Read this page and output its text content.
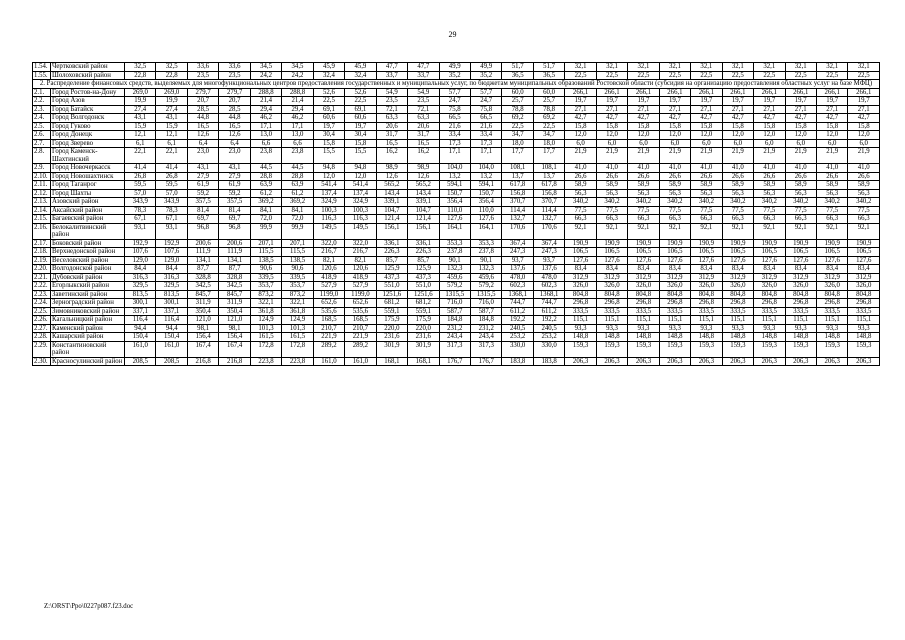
29
1.54.	Чертковский район	32,5	32,5	33,6	33,6	34,5	34,5	45,9	45,9	47,7	47,7	49,9	49,9	51,7	51,7	32,1	32,1	32,1	32,1	32,1	32,1	32,1	32,1	32,1	32,1
1.55.	Шолоховский район	22,8	22,8	23,5	23,5	24,2	24,2	32,4	32,4	33,7	33,7	35,2	35,2	36,5	36,5	22,5	22,5	22,5	22,5	22,5	22,5	22,5	22,5	22,5	22,5
2. Распределение финансовых средств, выделяемых для многофункциональных центров предоставления государственных и муниципальных услуг, по бюджетам муниципальных образований Ростовской области (субсидия на организацию предоставления областных услуг на базе МФЦ)																									
2.1.	Город Ростов-на-Дону	269,0	269,0	279,7	279,7	288,8	288,8	52,6	52,6	54,9	54,9	57,7	57,7	60,0	60,0	266,1	266,1	266,1	266,1	266,1	266,1	266,1	266,1	266,1	266,1
2.2.	Город Азов	19,9	19,9	20,7	20,7	21,4	21,4	22,5	22,5	23,5	23,5	24,7	24,7	25,7	25,7	19,7	19,7	19,7	19,7	19,7	19,7	19,7	19,7	19,7	19,7
2.3.	Город Батайск	27,4	27,4	28,5	28,5	29,4	29,4	69,1	69,1	72,1	72,1	75,8	75,8	78,8	78,8	27,1	27,1	27,1	27,1	27,1	27,1	27,1	27,1	27,1	27,1
2.4.	Город Волгодонск	43,1	43,1	44,8	44,8	46,2	46,2	60,6	60,6	63,3	63,3	66,5	66,5	69,2	69,2	42,7	42,7	42,7	42,7	42,7	42,7	42,7	42,7	42,7	42,7
2.5.	Город Гуково	15,9	15,9	16,5	16,5	17,1	17,1	19,7	19,7	20,6	20,6	21,6	21,6	22,5	22,5	15,8	15,8	15,8	15,8	15,8	15,8	15,8	15,8	15,8	15,8
2.6.	Город Донецк	12,1	12,1	12,6	12,6	13,0	13,0	30,4	30,4	31,7	31,7	33,4	33,4	34,7	34,7	12,0	12,0	12,0	12,0	12,0	12,0	12,0	12,0	12,0	12,0
2.7.	Город Зверево	6,1	6,1	6,4	6,4	6,6	6,6	15,8	15,8	16,5	16,5	17,3	17,3	18,0	18,0	6,0	6,0	6,0	6,0	6,0	6,0	6,0	6,0	6,0	6,0
2.8.	Город Каменск-Шахтинский	22,1	22,1	23,0	23,0	23,8	23,8	15,5	15,5	16,2	16,2	17,1	17,1	17,7	17,7	21,9	21,9	21,9	21,9	21,9	21,9	21,9	21,9	21,9	21,9
2.9.	Город Новочеркасск	41,4	41,4	43,1	43,1	44,5	44,5	94,8	94,8	98,9	98,9	104,0	104,0	108,1	108,1	41,0	41,0	41,0	41,0	41,0	41,0	41,0	41,0	41,0	41,0
2.10.	Город Новошахтинск	26,8	26,8	27,9	27,9	28,8	28,8	12,0	12,0	12,6	12,6	13,2	13,2	13,7	13,7	26,6	26,6	26,6	26,6	26,6	26,6	26,6	26,6	26,6	26,6
2.11.	Город Таганрог	59,5	59,5	61,9	61,9	63,9	63,9	541,4	541,4	565,2	565,2	594,1	594,1	617,8	617,8	58,9	58,9	58,9	58,9	58,9	58,9	58,9	58,9	58,9	58,9
2.12.	Город Шахты	57,0	57,0	59,2	59,2	61,2	61,2	137,4	137,4	143,4	143,4	150,7	150,7	156,8	156,8	56,3	56,3	56,3	56,3	56,3	56,3	56,3	56,3	56,3	56,3
2.13.	Азовский район	343,9	343,9	357,5	357,5	369,2	369,2	324,9	324,9	339,1	339,1	356,4	356,4	370,7	370,7	340,2	340,2	340,2	340,2	340,2	340,2	340,2	340,2	340,2	340,2
2.14.	Аксайский район	78,3	78,3	81,4	81,4	84,1	84,1	100,3	100,3	104,7	104,7	110,0	110,0	114,4	114,4	77,5	77,5	77,5	77,5	77,5	77,5	77,5	77,5	77,5	77,5
2.15.	Багаевский район	67,1	67,1	69,7	69,7	72,0	72,0	116,3	116,3	121,4	121,4	127,6	127,6	132,7	132,7	66,3	66,3	66,3	66,3	66,3	66,3	66,3	66,3	66,3	66,3
2.16.	Белокалитвинский район	93,1	93,1	96,8	96,8	99,9	99,9	149,5	149,5	156,1	156,1	164,1	164,1	170,6	170,6	92,1	92,1	92,1	92,1	92,1	92,1	92,1	92,1	92,1	92,1
2.17.	Боковский район	192,9	192,9	200,6	200,6	207,1	207,1	322,0	322,0	336,1	336,1	353,3	353,3	367,4	367,4	190,9	190,9	190,9	190,9	190,9	190,9	190,9	190,9	190,9	190,9
2.18.	Верхнедонской район	107,6	107,6	111,9	111,9	115,5	115,5	216,7	216,7	226,3	226,3	237,8	237,8	247,3	247,3	106,5	106,5	106,5	106,5	106,5	106,5	106,5	106,5	106,5	106,5
2.19.	Веселовский район	129,0	129,0	134,1	134,1	138,5	138,5	82,1	82,1	85,7	85,7	90,1	90,1	93,7	93,7	127,6	127,6	127,6	127,6	127,6	127,6	127,6	127,6	127,6	127,6
2.20.	Волгодонской район	84,4	84,4	87,7	87,7	90,6	90,6	120,6	120,6	125,9	125,9	132,3	132,3	137,6	137,6	83,4	83,4	83,4	83,4	83,4	83,4	83,4	83,4	83,4	83,4
2.21.	Дубовский район	316,3	316,3	328,8	328,8	339,5	339,5	418,9	418,9	437,3	437,3	459,6	459,6	478,0	478,0	312,9	312,9	312,9	312,9	312,9	312,9	312,9	312,9	312,9	312,9
2.22.	Егорлыкский район	329,5	329,5	342,5	342,5	353,7	353,7	527,9	527,9	551,0	551,0	579,2	579,2	602,3	602,3	326,0	326,0	326,0	326,0	326,0	326,0	326,0	326,0	326,0	326,0
2.23.	Заветинский район	813,5	813,5	845,7	845,7	873,2	873,2	1199,0	1199,0	1251,6	1251,6	1315,5	1315,5	1368,1	1368,1	804,8	804,8	804,8	804,8	804,8	804,8	804,8	804,8	804,8	804,8
2.24.	Зерноградский район	300,1	300,1	311,9	311,9	322,1	322,1	652,6	652,6	681,2	681,2	716,0	716,0	744,7	744,7	296,8	296,8	296,8	296,8	296,8	296,8	296,8	296,8	296,8	296,8
2.25.	Зимовниковский район	337,1	337,1	350,4	350,4	361,8	361,8	535,6	535,6	559,1	559,1	587,7	587,7	611,2	611,2	333,5	333,5	333,5	333,5	333,5	333,5	333,5	333,5	333,5	333,5
2.26.	Кагальницкий район	116,4	116,4	121,0	121,0	124,9	124,9	168,5	168,5	175,9	175,9	184,8	184,8	192,2	192,2	115,1	115,1	115,1	115,1	115,1	115,1	115,1	115,1	115,1	115,1
2.27.	Каменский район	94,4	94,4	98,1	98,1	101,3	101,3	210,7	210,7	220,0	220,0	231,2	231,2	240,5	240,5	93,3	93,3	93,3	93,3	93,3	93,3	93,3	93,3	93,3	93,3
2.28.	Кашарский район	150,4	150,4	156,4	156,4	161,5	161,5	221,9	221,9	231,6	231,6	243,4	243,4	253,2	253,2	148,8	148,8	148,8	148,8	148,8	148,8	148,8	148,8	148,8	148,8
2.29.	Константиновский район	161,0	161,0	167,4	167,4	172,8	172,8	289,2	289,2	301,9	301,9	317,3	317,3	330,0	330,0	159,3	159,3	159,3	159,3	159,3	159,3	159,3	159,3	159,3	159,3
2.30.	Красносулинский район	208,5	208,5	216,8	216,8	223,8	223,8	161,0	161,0	168,1	168,1	176,7	176,7	183,8	183,8	206,3	206,3	206,3	206,3	206,3	206,3	206,3	206,3	206,3	206,3
Z:\ORST\Ppo\0227p087.f23.doc
